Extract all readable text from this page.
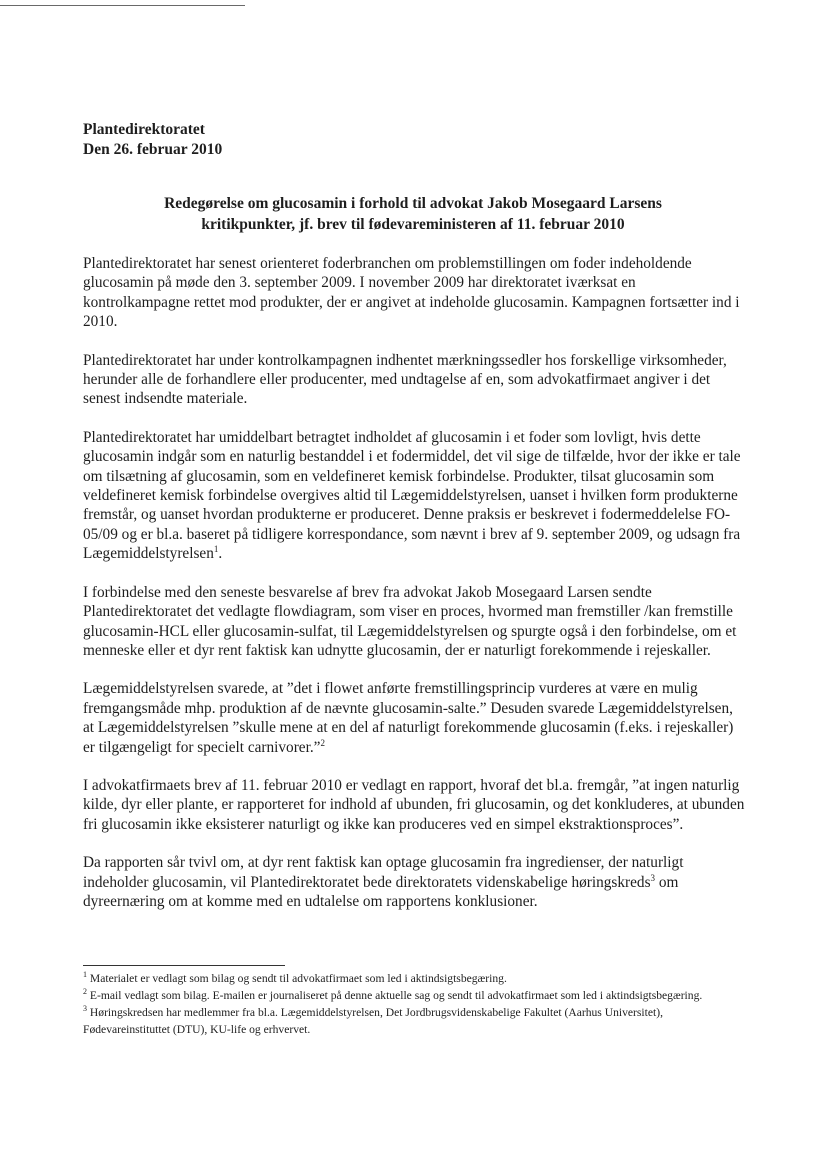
Plantedirektoratet
Den 26. februar 2010
Redegørelse om glucosamin i forhold til advokat Jakob Mosegaard Larsens
kritikpunkter, jf. brev til fødevareministeren af 11. februar 2010

Plantedirektoratet har senest orienteret foderbranchen om problemstillingen om foder indeholdende glucosamin på møde den 3. september 2009. I november 2009 har direktoratet iværksat en kontrolkampagne rettet mod produkter, der er angivet at indeholde glucosamin. Kampagnen fortsætter ind i 2010.

Plantedirektoratet har under kontrolkampagnen indhentet mærkningssedler hos forskellige virksomheder, herunder alle de forhandlere eller producenter, med undtagelse af en, som advokatfirmaet angiver i det senest indsendte materiale.

Plantedirektoratet har umiddelbart betragtet indholdet af glucosamin i et foder som lovligt, hvis dette glucosamin indgår som en naturlig bestanddel i et fodermiddel, det vil sige de tilfælde, hvor der ikke er tale om tilsætning af glucosamin, som en veldefineret kemisk forbindelse. Produkter, tilsat glucosamin som veldefineret kemisk forbindelse overgives altid til Lægemiddelstyrelsen, uanset i hvilken form produkterne fremstår, og uanset hvordan produkterne er produceret. Denne praksis er beskrevet i fodermeddelelse FO-05/09 og er bl.a. baseret på tidligere korrespondance, som nævnt i brev af 9. september 2009, og udsagn fra Lægemiddelstyrelsen$^1$.

I forbindelse med den seneste besvarelse af brev fra advokat Jakob Mosegaard Larsen sendte Plantedirektoratet det vedlagte flowdiagram, som viser en proces, hvormed man fremstiller /kan fremstille glucosamin-HCL eller glucosamin-sulfat, til Lægemiddelstyrelsen og spurgte også i den forbindelse, om et menneske eller et dyr rent faktisk kan udnytte glucosamin, der er naturligt forekommende i rejeskaller.

Lægemiddelstyrelsen svarede, at ”det i flowet anførte fremstillingsprincip vurderes at være en mulig fremgangsmåde mhp. produktion af de nævnte glucosamin-salte.” Desuden svarede Lægemiddelstyrelsen, at Lægemiddelstyrelsen ”skulle mene at en del af naturligt forekommende glucosamin (f.eks. i rejeskaller) er tilgængeligt for specielt carnivorer.”$^2$

I advokatfirmaets brev af 11. februar 2010 er vedlagt en rapport, hvoraf det bl.a. fremgår, ”at ingen naturlig kilde, dyr eller plante, er rapporteret for indhold af ubunden, fri glucosamin, og det konkluderes, at ubunden fri glucosamin ikke eksisterer naturligt og ikke kan produceres ved en simpel ekstraktionsproces”.

Da rapporten sår tvivl om, at dyr rent faktisk kan optage glucosamin fra ingredienser, der naturligt indeholder glucosamin, vil Plantedirektoratet bede direktoratets videnskabelige høringskreds$^3$ om dyreernæring om at komme med en udtalelse om rapportens konklusioner.

$^1$ Materialet er vedlagt som bilag og sendt til advokatfirmaet som led i aktindsigtsbegæring.

$^2$ E-mail vedlagt som bilag. E-mailen er journaliseret på denne aktuelle sag og sendt til advokatfirmaet som led i aktindsigtsbegæring.

$^3$ Høringskredsen har medlemmer fra bl.a. Lægemiddelstyrelsen, Det Jordbrugsvidenskabelige Fakultet (Aarhus Universitet), Fødevareinstituttet (DTU), KU-life og erhvervet.
